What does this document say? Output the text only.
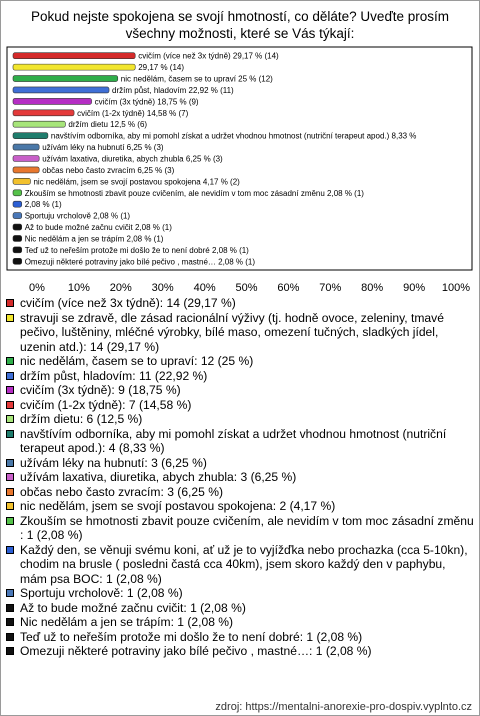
Pokud nejste spokojena se svojí hmotností, co děláte? Uveďte prosím všechny možnosti, které se Vás týkají:
cvičím (více než 3x týdně) 29,17 % (14)
29,17 % (14)
nic nedělám, časem se to upraví 25 % (12)
držím půst, hladovím 22,92 % (11)
cvičím (3x týdně) 18,75 % (9)
cvičím (1-2x týdně) 14,58 % (7)
držím dietu 12,5 % (6)
navštívím odborníka, aby mi pomohl získat a udržet vhodnou hmotnost (nutriční terapeut apod.) 8,33 %
užívám léky na hubnutí 6,25 % (3)
užívám laxativa, diuretika, abych zhubla 6,25 % (3)
občas nebo často zvracím 6,25 % (3)
nic nedělám, jsem se svojí postavou spokojena 4,17 % (2)
Zkouším se hmotnosti zbavit pouze cvičením, ale nevidím v tom moc zásadní změnu 2,08 % (1)
2,08 % (1)
Sportuju vrcholově 2,08 % (1)
Až to bude možné začnu cvičit 2,08 % (1)
Nic nedělám a jen se trápím 2,08 % (1)
Teď už to neřeším protože mi došlo že to není dobré 2,08 % (1)
Omezuji některé potraviny jako bílé pečivo , mastné… 2,08 % (1)
0% 10% 20% 30% 40% 50% 60% 70% 80% 90% 100%
cvičím (více než 3x týdně): 14 (29,17 %)
stravuji se zdravě, dle zásad racionální výživy (tj. hodně ovoce, zeleniny, tmavé pečivo, luštěniny, mléčné výrobky, bílé maso, omezení tučných, sladkých jídel, uzenin atd.): 14 (29,17 %)
nic nedělám, časem se to upraví: 12 (25 %)
držím půst, hladovím: 11 (22,92 %)
cvičím (3x týdně): 9 (18,75 %)
cvičím (1-2x týdně): 7 (14,58 %)
držím dietu: 6 (12,5 %)
navštívím odborníka, aby mi pomohl získat a udržet vhodnou hmotnost (nutriční terapeut apod.): 4 (8,33 %)
užívám léky na hubnutí: 3 (6,25 %)
užívám laxativa, diuretika, abych zhubla: 3 (6,25 %)
občas nebo často zvracím: 3 (6,25 %)
nic nedělám, jsem se svojí postavou spokojena: 2 (4,17 %)
Zkouším se hmotnosti zbavit pouze cvičením, ale nevidím v tom moc zásadní změnu : 1 (2,08 %)
Každý den, se věnuji svému koni, ať už je to vyjížďka nebo prochazka (cca 5-10kn), chodim na brusle ( posledni častá cca 40km), jsem skoro každý den v paphybu, mám psa BOC: 1 (2,08 %)
Sportuju vrcholově: 1 (2,08 %)
Až to bude možné začnu cvičit: 1 (2,08 %)
Nic nedělám a jen se trápím: 1 (2,08 %)
Teď už to neřeším protože mi došlo že to není dobré: 1 (2,08 %)
Omezuji některé potraviny jako bílé pečivo , mastné…: 1 (2,08 %)
zdroj: https://mentalni-anorexie-pro-dospiv.vyplnto.cz
